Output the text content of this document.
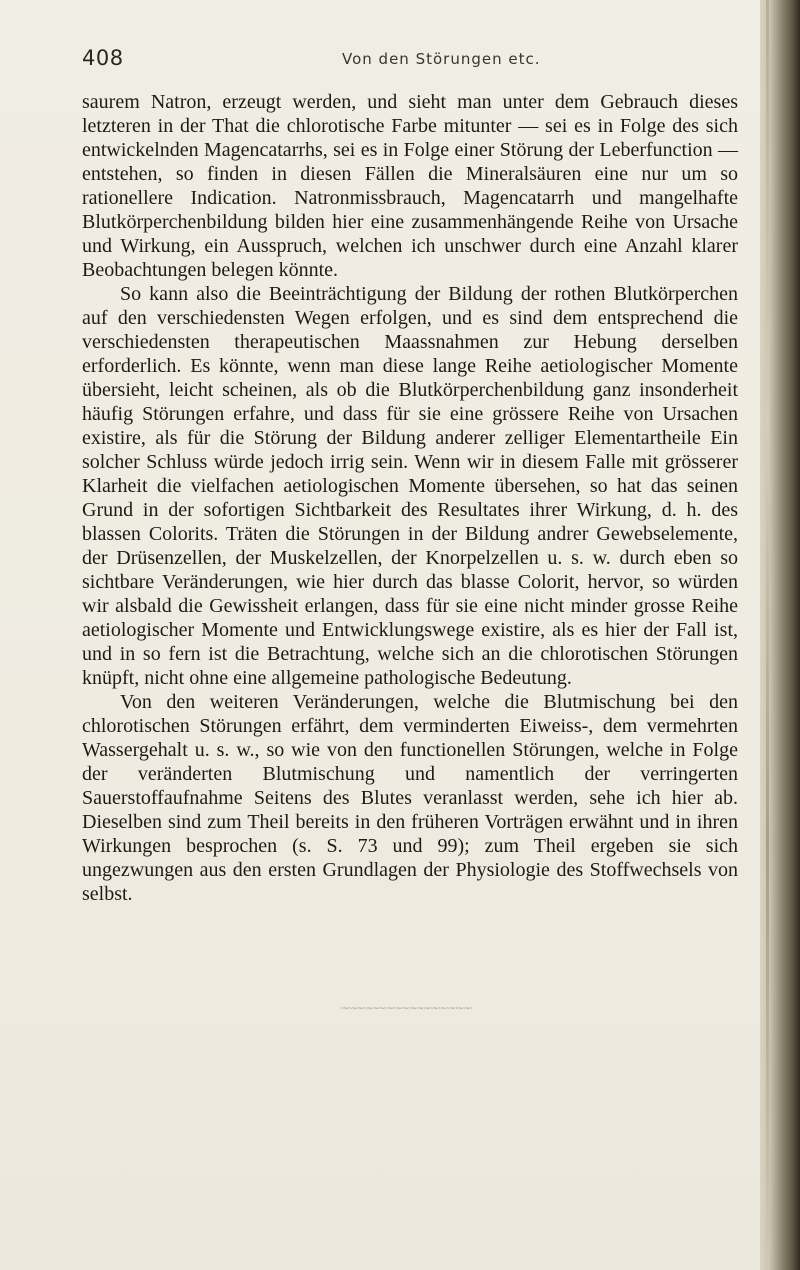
408	Von den Störungen etc.

saurem Natron, erzeugt werden, und sieht man unter dem Gebrauch dieses letzteren in der That die chlorotische Farbe mitunter — sei es in Folge des sich entwickelnden Magencatarrhs, sei es in Folge einer Störung der Leberfunction — entstehen, so finden in diesen Fällen die Mineralsäuren eine nur um so rationellere Indication. Natronmissbrauch, Magencatarrh und mangelhafte Blutkörperchenbildung bilden hier eine zusammenhängende Reihe von Ursache und Wirkung, ein Ausspruch, welchen ich unschwer durch eine Anzahl klarer Beobachtungen belegen könnte.

So kann also die Beeinträchtigung der Bildung der rothen Blutkörperchen auf den verschiedensten Wegen erfolgen, und es sind dem entsprechend die verschiedensten therapeutischen Maassnahmen zur Hebung derselben erforderlich. Es könnte, wenn man diese lange Reihe aetiologischer Momente übersieht, leicht scheinen, als ob die Blutkörperchenbildung ganz insonderheit häufig Störungen erfahre, und dass für sie eine grössere Reihe von Ursachen existire, als für die Störung der Bildung anderer zelliger Elementartheile Ein solcher Schluss würde jedoch irrig sein. Wenn wir in diesem Falle mit grösserer Klarheit die vielfachen aetiologischen Momente übersehen, so hat das seinen Grund in der sofortigen Sichtbarkeit des Resultates ihrer Wirkung, d. h. des blassen Colorits. Träten die Störungen in der Bildung andrer Gewebselemente, der Drüsenzellen, der Muskelzellen, der Knorpelzellen u. s. w. durch eben so sichtbare Veränderungen, wie hier durch das blasse Colorit, hervor, so würden wir alsbald die Gewissheit erlangen, dass für sie eine nicht minder grosse Reihe aetiologischer Momente und Entwicklungswege existire, als es hier der Fall ist, und in so fern ist die Betrachtung, welche sich an die chlorotischen Störungen knüpft, nicht ohne eine allgemeine pathologische Bedeutung.

Von den weiteren Veränderungen, welche die Blutmischung bei den chlorotischen Störungen erfährt, dem verminderten Eiweiss-, dem vermehrten Wassergehalt u. s. w., so wie von den functionellen Störungen, welche in Folge der veränderten Blutmischung und namentlich der verringerten Sauerstoffaufnahme Seitens des Blutes veranlasst werden, sehe ich hier ab. Dieselben sind zum Theil bereits in den früheren Vorträgen erwähnt und in ihren Wirkungen besprochen (s. S. 73 und 99); zum Theil ergeben sie sich ungezwungen aus den ersten Grundlagen der Physiologie des Stoffwechsels von selbst.

·~·~~·~~~·~·~~·~~~·~·~·~·~~·
